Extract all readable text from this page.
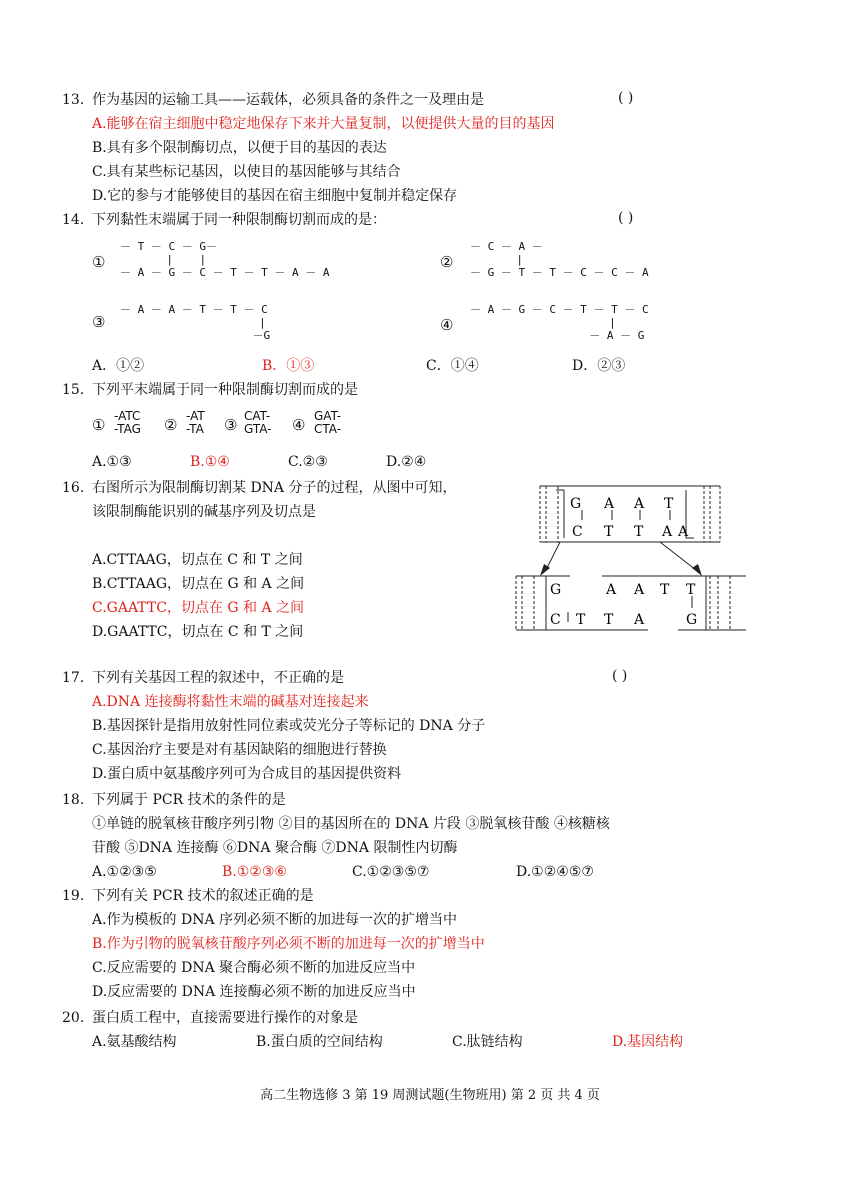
13. 作为基因的运输工具——运载体，必须具备的条件之一及理由是	( )
A.能够在宿主细胞中稳定地保存下来并大量复制，以便提供大量的目的基因
B.具有多个限制酶切点，以便于目的基因的表达
C.具有某些标记基因，以使目的基因能够与其结合
D.它的参与才能够使目的基因在宿主细胞中复制并稳定保存
14. 下列黏性末端属于同一种限制酶切割而成的是：	( )
①
－ T － C － G－
|    |
－ A － G － C － T － T － A － A
②
－ C － A －
|
－ G － T － T － C － C － A
③
－ A － A － T － T － C
|
－G
④
－ A － G － C － T － T － C
|
－ A － G
A．①②	B．①③	C．①④	D．②③
15. 下列平末端属于同一种限制酶切割而成的是
① -ATC
-TAG ② -AT
-TA ③ CAT-
GTA- ④ GAT-
CTA-
A.①③	B.①④	C.②③	D.②④
16. 右图所示为限制酶切割某 DNA 分子的过程，从图中可知，
该限制酶能识别的碱基序列及切点是
A.CTTAAG，切点在 C 和 T 之间
B.CTTAAG，切点在 G 和 A 之间
C.GAATTC，切点在 G 和 A 之间
D.GAATTC，切点在 C 和 T 之间
G A A T
C T T A A
G
C T T A
A A T T
G
17. 下列有关基因工程的叙述中，不正确的是	( )
A.DNA 连接酶将黏性末端的碱基对连接起来
B.基因探针是指用放射性同位素或荧光分子等标记的 DNA 分子
C.基因治疗主要是对有基因缺陷的细胞进行替换
D.蛋白质中氨基酸序列可为合成目的基因提供资料
18. 下列属于 PCR 技术的条件的是
①单链的脱氧核苷酸序列引物 ②目的基因所在的 DNA 片段 ③脱氧核苷酸 ④核糖核
苷酸 ⑤DNA 连接酶 ⑥DNA 聚合酶 ⑦DNA 限制性内切酶
A.①②③⑤	B.①②③⑥	C.①②③⑤⑦	D.①②④⑤⑦
19. 下列有关 PCR 技术的叙述正确的是
A.作为模板的 DNA 序列必须不断的加进每一次的扩增当中
B.作为引物的脱氧核苷酸序列必须不断的加进每一次的扩增当中
C.反应需要的 DNA 聚合酶必须不断的加进反应当中
D.反应需要的 DNA 连接酶必须不断的加进反应当中
20. 蛋白质工程中，直接需要进行操作的对象是
A.氨基酸结构	B.蛋白质的空间结构	C.肽链结构	D.基因结构
高二生物选修 3 第 19 周测试题(生物班用) 第 2 页 共 4 页
